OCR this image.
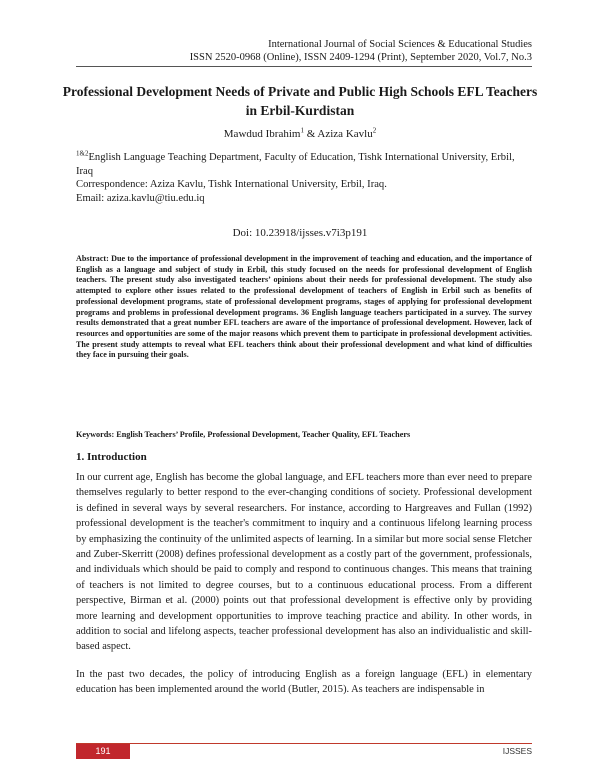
International Journal of Social Sciences & Educational Studies
ISSN 2520-0968 (Online), ISSN 2409-1294 (Print), September 2020, Vol.7, No.3
Professional Development Needs of Private and Public High Schools EFL Teachers in Erbil-Kurdistan
Mawdud Ibrahim$^1$ & Aziza Kavlu$^2$
$^{1\&2}$English Language Teaching Department, Faculty of Education, Tishk International University, Erbil, Iraq
Correspondence: Aziza Kavlu, Tishk International University, Erbil, Iraq.
Email: aziza.kavlu@tiu.edu.iq
Doi: 10.23918/ijsses.v7i3p191
Abstract: Due to the importance of professional development in the improvement of teaching and education, and the importance of English as a language and subject of study in Erbil, this study focused on the needs for professional development of English teachers. The present study also investigated teachers’ opinions about their needs for professional development. The study also attempted to explore other issues related to the professional development of teachers of English in Erbil such as benefits of professional development programs, state of professional development programs, stages of applying for professional development programs and problems in professional development programs. 36 English language teachers participated in a survey. The survey results demonstrated that a great number EFL teachers are aware of the importance of professional development. However, lack of resources and opportunities are some of the major reasons which prevent them to participate in professional development activities. The present study attempts to reveal what EFL teachers think about their professional development and what kind of difficulties they face in pursuing their goals.
Keywords: English Teachers’ Profile, Professional Development, Teacher Quality, EFL Teachers
1. Introduction
In our current age, English has become the global language, and EFL teachers more than ever need to prepare themselves regularly to better respond to the ever-changing conditions of society. Professional development is defined in several ways by several researchers. For instance, according to Hargreaves and Fullan (1992) professional development is the teacher's commitment to inquiry and a continuous lifelong learning process by emphasizing the continuity of the unlimited aspects of learning. In a similar but more social sense Fletcher and Zuber-Skerritt (2008) defines professional development as a costly part of the government, professionals, and individuals which should be paid to comply and respond to continuous changes. This means that training of teachers is not limited to degree courses, but to a continuous educational process. From a different perspective, Birman et al. (2000) points out that professional development is effective only by providing more learning and development opportunities to improve teaching practice and ability. In other words, in addition to social and lifelong aspects, teacher professional development has also an individualistic and skill-based aspect.
In the past two decades, the policy of introducing English as a foreign language (EFL) in elementary education has been implemented around the world (Butler, 2015). As teachers are indispensable in
191	IJSSES
